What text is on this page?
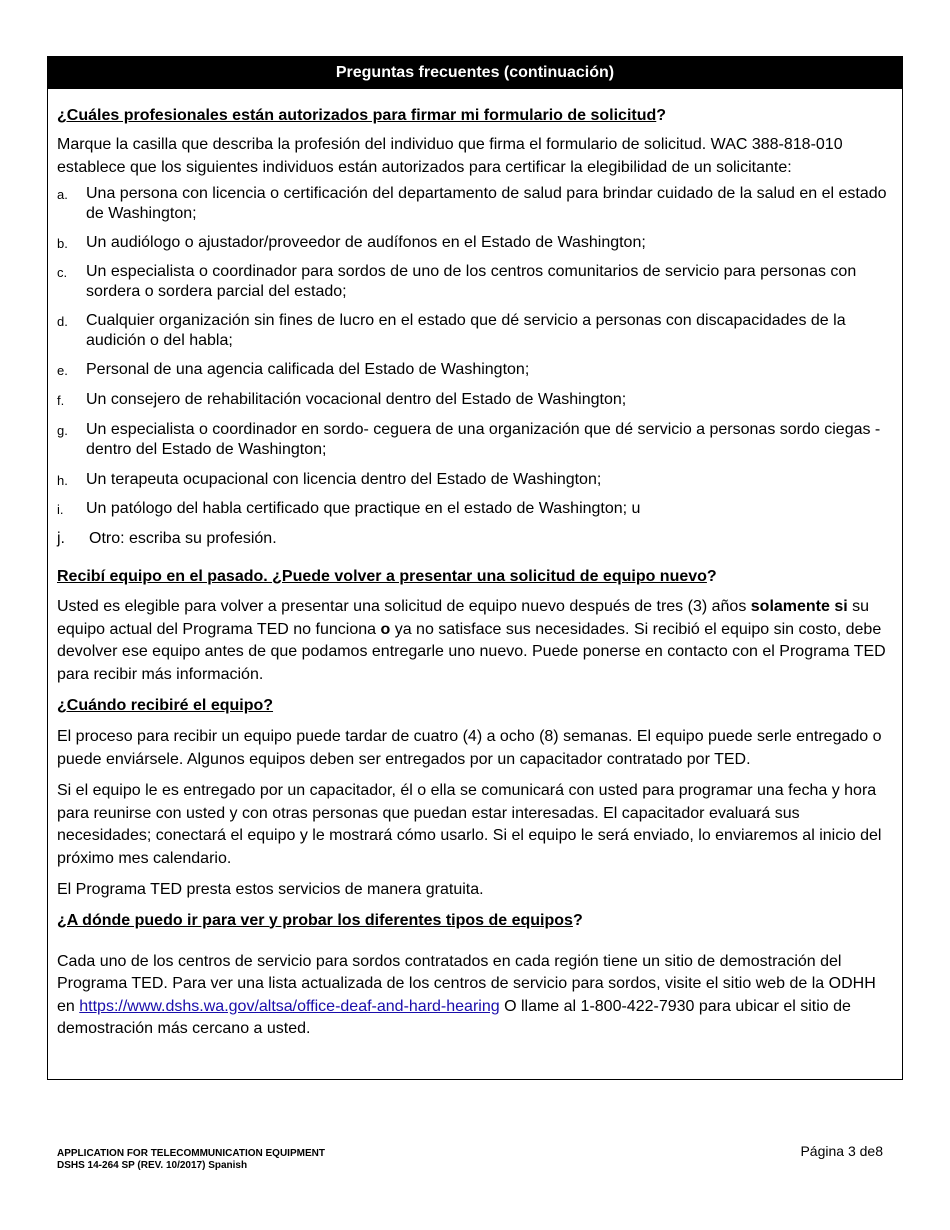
Preguntas frecuentes (continuación)
¿Cuáles profesionales están autorizados para firmar mi formulario de solicitud?

Marque la casilla que describa la profesión del individuo que firma el formulario de solicitud. WAC 388-818-010 establece que los siguientes individuos están autorizados para certificar la elegibilidad de un solicitante:

a. Una persona con licencia o certificación del departamento de salud para brindar cuidado de la salud en el estado de Washington;
b. Un audiólogo o ajustador/proveedor de audífonos en el Estado de Washington;
c. Un especialista o coordinador para sordos de uno de los centros comunitarios de servicio para personas con sordera o sordera parcial del estado;
d. Cualquier organización sin fines de lucro en el estado que dé servicio a personas con discapacidades de la audición o del habla;
e. Personal de una agencia calificada del Estado de Washington;
f. Un consejero de rehabilitación vocacional dentro del Estado de Washington;
g. Un especialista o coordinador en sordo- ceguera de una organización que dé servicio a personas sordo ciegas - dentro del Estado de Washington;
h. Un terapeuta ocupacional con licencia dentro del Estado de Washington;
i. Un patólogo del habla certificado que practique en el estado de Washington; u
j. Otro: escriba su profesión.
Recibí equipo en el pasado. ¿Puede volver a presentar una solicitud de equipo nuevo?

Usted es elegible para volver a presentar una solicitud de equipo nuevo después de tres (3) años solamente si su equipo actual del Programa TED no funciona o ya no satisface sus necesidades. Si recibió el equipo sin costo, debe devolver ese equipo antes de que podamos entregarle uno nuevo. Puede ponerse en contacto con el Programa TED para recibir más información.

¿Cuándo recibiré el equipo?

El proceso para recibir un equipo puede tardar de cuatro (4) a ocho (8) semanas. El equipo puede serle entregado o puede enviársele. Algunos equipos deben ser entregados por un capacitador contratado por TED.

Si el equipo le es entregado por un capacitador, él o ella se comunicará con usted para programar una fecha y hora para reunirse con usted y con otras personas que puedan estar interesadas. El capacitador evaluará sus necesidades; conectará el equipo y le mostrará cómo usarlo. Si el equipo le será enviado, lo enviaremos al inicio del próximo mes calendario.

El Programa TED presta estos servicios de manera gratuita.

¿A dónde puedo ir para ver y probar los diferentes tipos de equipos?

Cada uno de los centros de servicio para sordos contratados en cada región tiene un sitio de demostración del Programa TED. Para ver una lista actualizada de los centros de servicio para sordos, visite el sitio web de la ODHH en https://www.dshs.wa.gov/altsa/office-deaf-and-hard-hearing O llame al 1-800-422-7930 para ubicar el sitio de demostración más cercano a usted.

APPLICATION FOR TELECOMMUNICATION EQUIPMENT
DSHS 14-264 SP (REV. 10/2017) Spanish
Página 3 de8
